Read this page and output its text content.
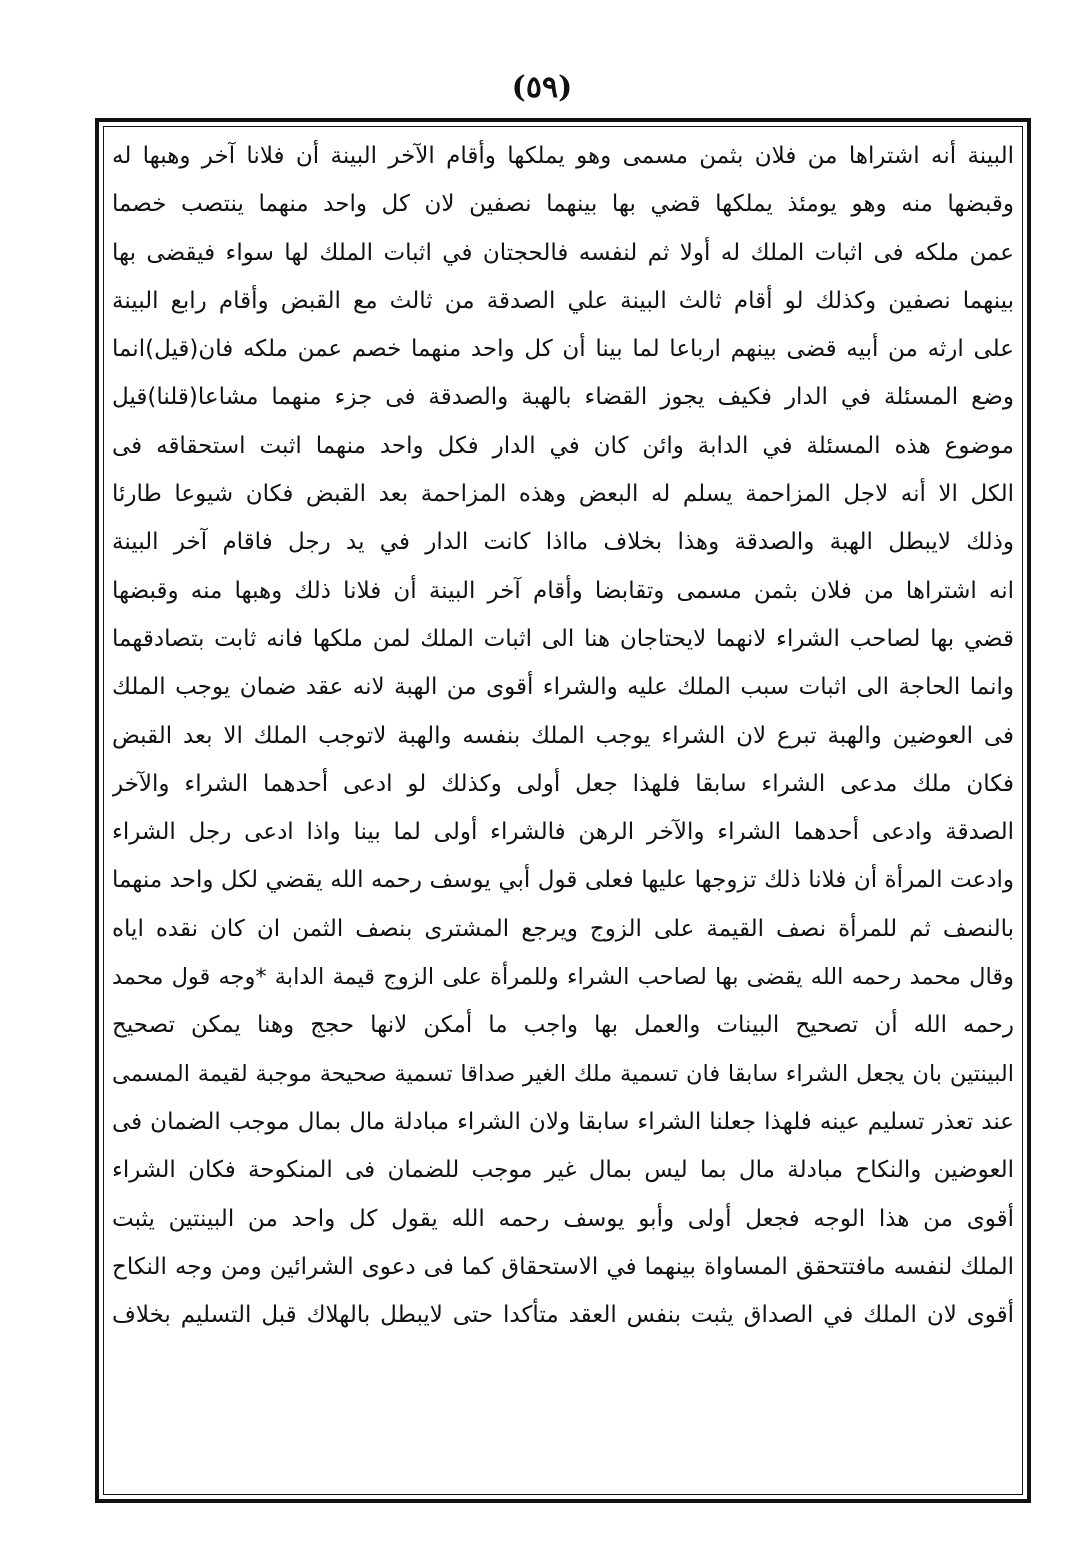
(٥٩)
البينة أنه اشتراها من فلان بثمن مسمى وهو يملكها وأقام الآخر البينة أن فلانا آخر وهبها له
وقبضها منه وهو يومئذ يملكها قضي بها بينهما نصفين لان كل واحد منهما ينتصب خصما
عمن ملكه فى اثبات الملك له أولا ثم لنفسه فالحجتان في اثبات الملك لها سواء فيقضى بها
بينهما نصفين وكذلك لو أقام ثالث البينة علي الصدقة من ثالث مع القبض وأقام رابع البينة
على ارثه من أبيه قضى بينهم ارباعا لما بينا أن كل واحد منهما خصم عمن ملكه فان(قيل)انما
وضع المسئلة في الدار فكيف يجوز القضاء بالهبة والصدقة فى جزء منهما مشاعا(قلنا)قيل
موضوع هذه المسئلة في الدابة وائن كان في الدار فكل واحد منهما اثبت استحقاقه فى
الكل الا أنه لاجل المزاحمة يسلم له البعض وهذه المزاحمة بعد القبض فكان شيوعا طارئا
وذلك لايبطل الهبة والصدقة وهذا بخلاف مااذا كانت الدار في يد رجل فاقام آخر البينة
انه اشتراها من فلان بثمن مسمى وتقابضا وأقام آخر البينة أن فلانا ذلك وهبها منه وقبضها
قضي بها لصاحب الشراء لانهما لايحتاجان هنا الى اثبات الملك لمن ملكها فانه ثابت بتصادقهما
وانما الحاجة الى اثبات سبب الملك عليه والشراء أقوى من الهبة لانه عقد ضمان يوجب الملك
فى العوضين والهبة تبرع لان الشراء يوجب الملك بنفسه والهبة لاتوجب الملك الا بعد القبض
فكان ملك مدعى الشراء سابقا فلهذا جعل أولى وكذلك لو ادعى أحدهما الشراء والآخر
الصدقة وادعى أحدهما الشراء والآخر الرهن فالشراء أولى لما بينا واذا ادعى رجل الشراء
وادعت المرأة أن فلانا ذلك تزوجها عليها فعلى قول أبي يوسف رحمه الله يقضي لكل واحد منهما
بالنصف ثم للمرأة نصف القيمة على الزوج ويرجع المشترى بنصف الثمن ان كان نقده اياه
وقال محمد رحمه الله يقضى بها لصاحب الشراء وللمرأة على الزوج قيمة الدابة *وجه قول محمد
رحمه الله أن تصحيح البينات والعمل بها واجب ما أمكن لانها حجج وهنا يمكن تصحيح
البينتين بان يجعل الشراء سابقا فان تسمية ملك الغير صداقا تسمية صحيحة موجبة لقيمة المسمى
عند تعذر تسليم عينه فلهذا جعلنا الشراء سابقا ولان الشراء مبادلة مال بمال موجب الضمان فى
العوضين والنكاح مبادلة مال بما ليس بمال غير موجب للضمان فى المنكوحة فكان الشراء
أقوى من هذا الوجه فجعل أولى وأبو يوسف رحمه الله يقول كل واحد من البينتين يثبت
الملك لنفسه مافتتحقق المساواة بينهما في الاستحقاق كما فى دعوى الشرائين ومن وجه النكاح
أقوى لان الملك في الصداق يثبت بنفس العقد متأكدا حتى لايبطل بالهلاك قبل التسليم بخلاف
